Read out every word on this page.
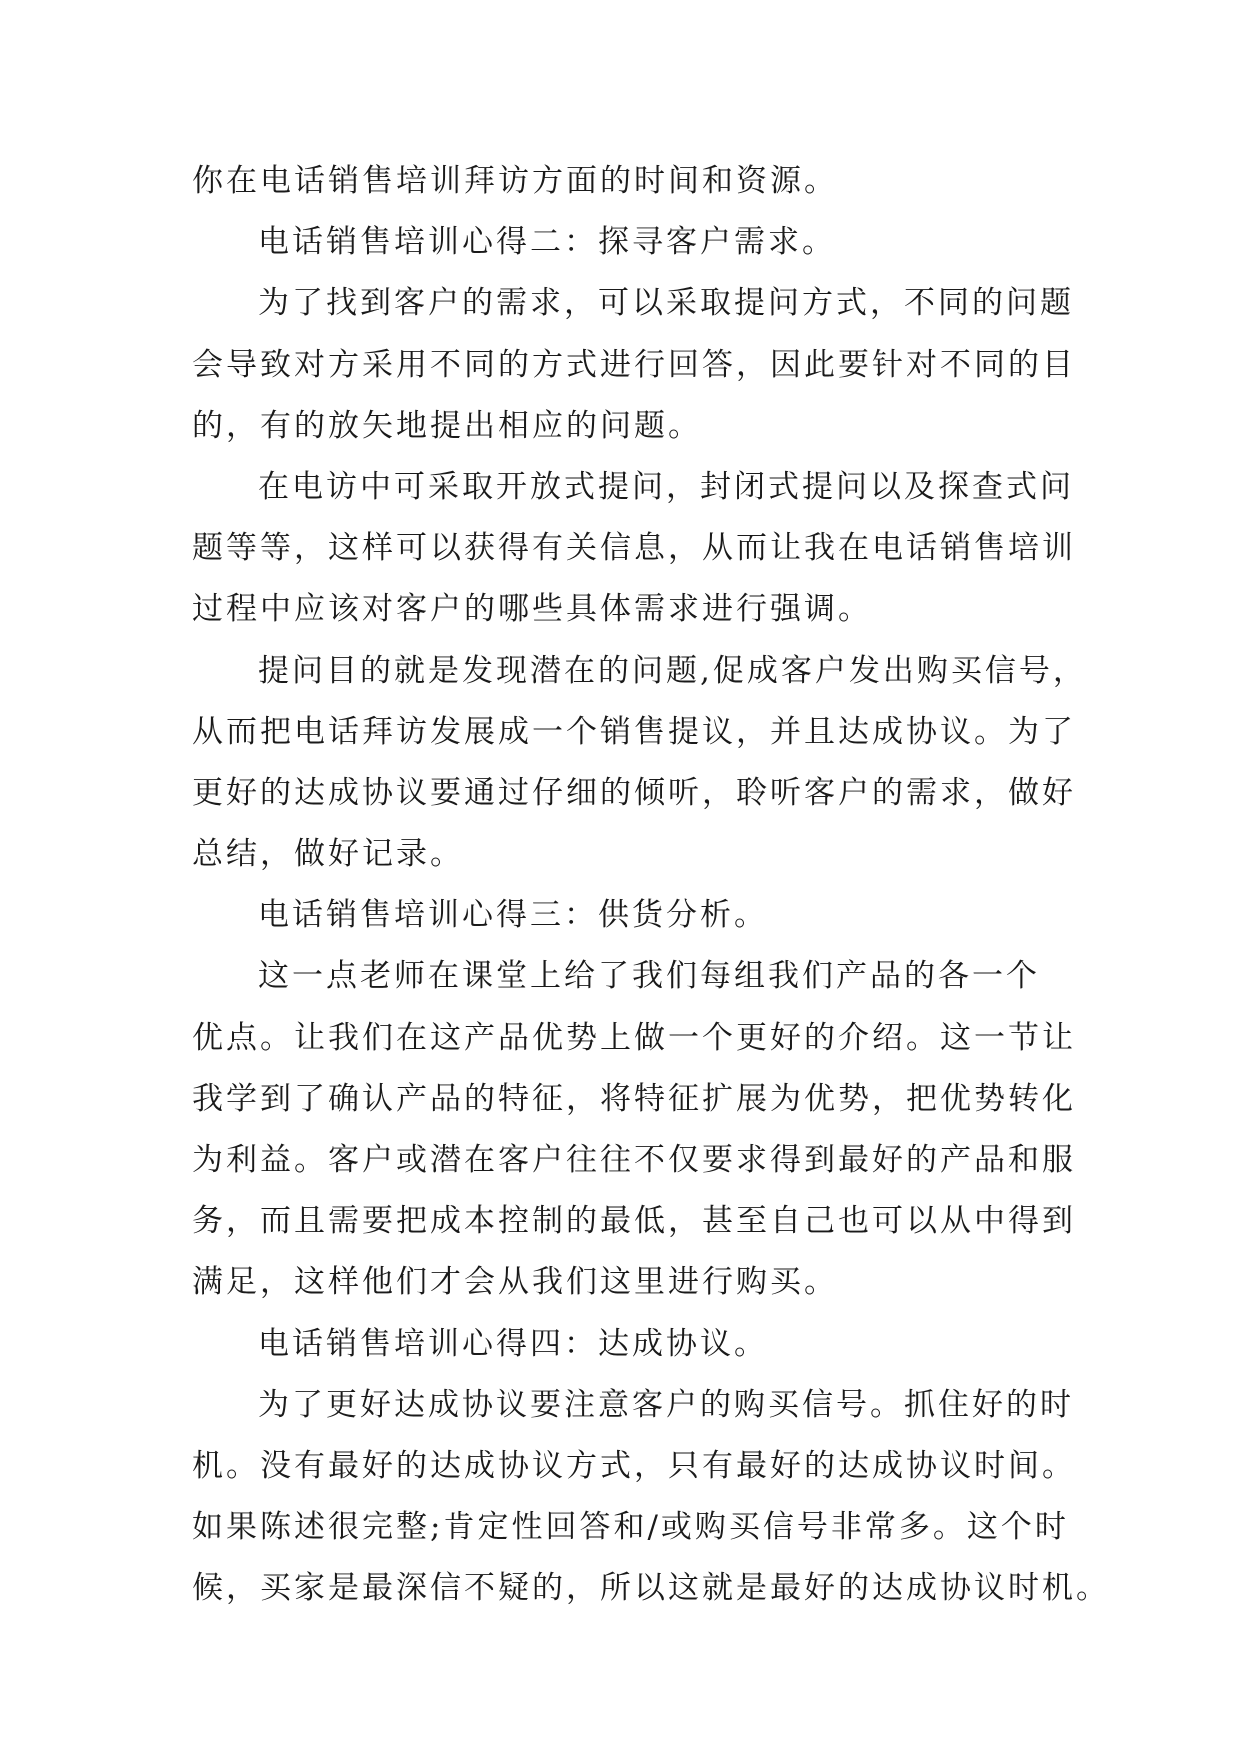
你在电话销售培训拜访方面的时间和资源。
电话销售培训心得二：探寻客户需求。
为了找到客户的需求，可以采取提问方式，不同的问题
会导致对方采用不同的方式进行回答，因此要针对不同的目
的，有的放矢地提出相应的问题。
在电访中可采取开放式提问，封闭式提问以及探查式问
题等等，这样可以获得有关信息，从而让我在电话销售培训
过程中应该对客户的哪些具体需求进行强调。
提问目的就是发现潜在的问题,促成客户发出购买信号，
从而把电话拜访发展成一个销售提议，并且达成协议。为了
更好的达成协议要通过仔细的倾听，聆听客户的需求，做好
总结，做好记录。
电话销售培训心得三：供货分析。
这一点老师在课堂上给了我们每组我们产品的各一个
优点。让我们在这产品优势上做一个更好的介绍。这一节让
我学到了确认产品的特征，将特征扩展为优势，把优势转化
为利益。客户或潜在客户往往不仅要求得到最好的产品和服
务，而且需要把成本控制的最低，甚至自己也可以从中得到
满足，这样他们才会从我们这里进行购买。
电话销售培训心得四：达成协议。
为了更好达成协议要注意客户的购买信号。抓住好的时
机。没有最好的达成协议方式，只有最好的达成协议时间。
如果陈述很完整;肯定性回答和/或购买信号非常多。这个时
候，买家是最深信不疑的，所以这就是最好的达成协议时机。
